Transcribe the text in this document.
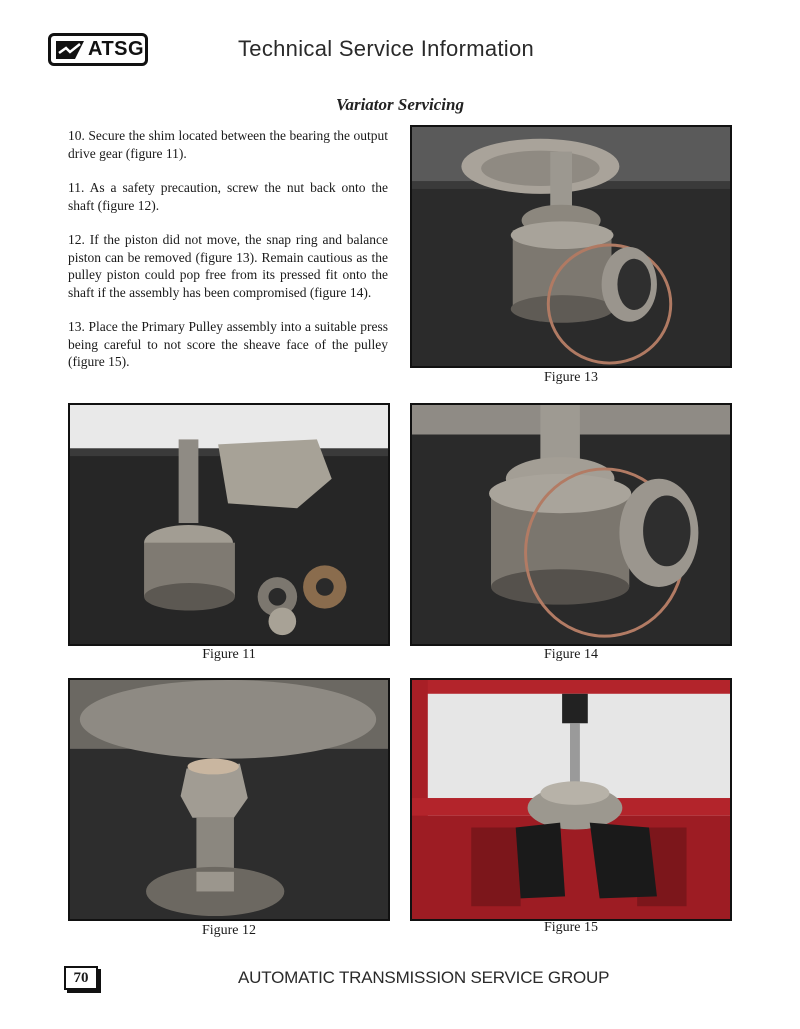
ATSG	Technical Service Information
Variator Servicing

10. Secure the shim located between the bearing the output drive gear (figure 11).

11. As a safety precaution, screw the nut back onto the shaft (figure 12).

12. If the piston did not move, the snap ring and balance piston can be removed (figure 13). Remain cautious as the pulley piston could pop free from its pressed fit onto the shaft if the assembly has been compromised (figure 14).

13. Place the Primary Pulley assembly into a suitable press being careful to not score the sheave face of the pulley (figure 15).

Figure 13
Figure 11	Figure 14
Figure 12	Figure 15
70	AUTOMATIC TRANSMISSION SERVICE GROUP
